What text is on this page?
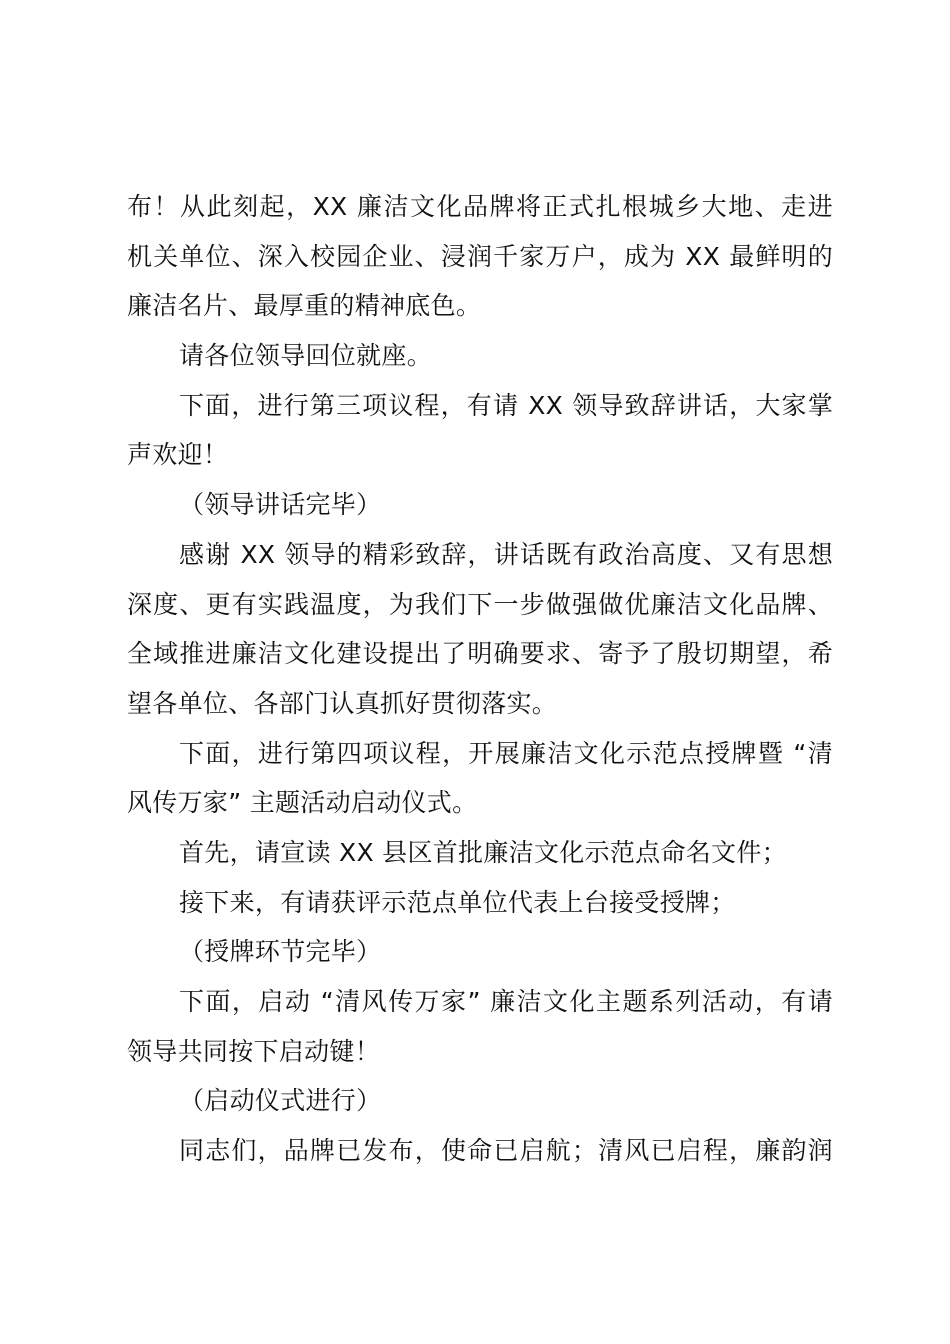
布！从此刻起，XX 廉洁文化品牌将正式扎根城乡大地、走进
机关单位、深入校园企业、浸润千家万户，成为 XX 最鲜明的
廉洁名片、最厚重的精神底色。
请各位领导回位就座。
下面，进行第三项议程，有请 XX 领导致辞讲话，大家掌
声欢迎！
（领导讲话完毕）
感谢 XX 领导的精彩致辞，讲话既有政治高度、又有思想
深度、更有实践温度，为我们下一步做强做优廉洁文化品牌、
全域推进廉洁文化建设提出了明确要求、寄予了殷切期望，希
望各单位、各部门认真抓好贯彻落实。
下面，进行第四项议程，开展廉洁文化示范点授牌暨 “清
风传万家” 主题活动启动仪式。
首先，请宣读 XX 县区首批廉洁文化示范点命名文件；
接下来，有请获评示范点单位代表上台接受授牌；
（授牌环节完毕）
下面，启动 “清风传万家” 廉洁文化主题系列活动，有请
领导共同按下启动键！
（启动仪式进行）
同志们，品牌已发布，使命已启航；清风已启程，廉韵润
